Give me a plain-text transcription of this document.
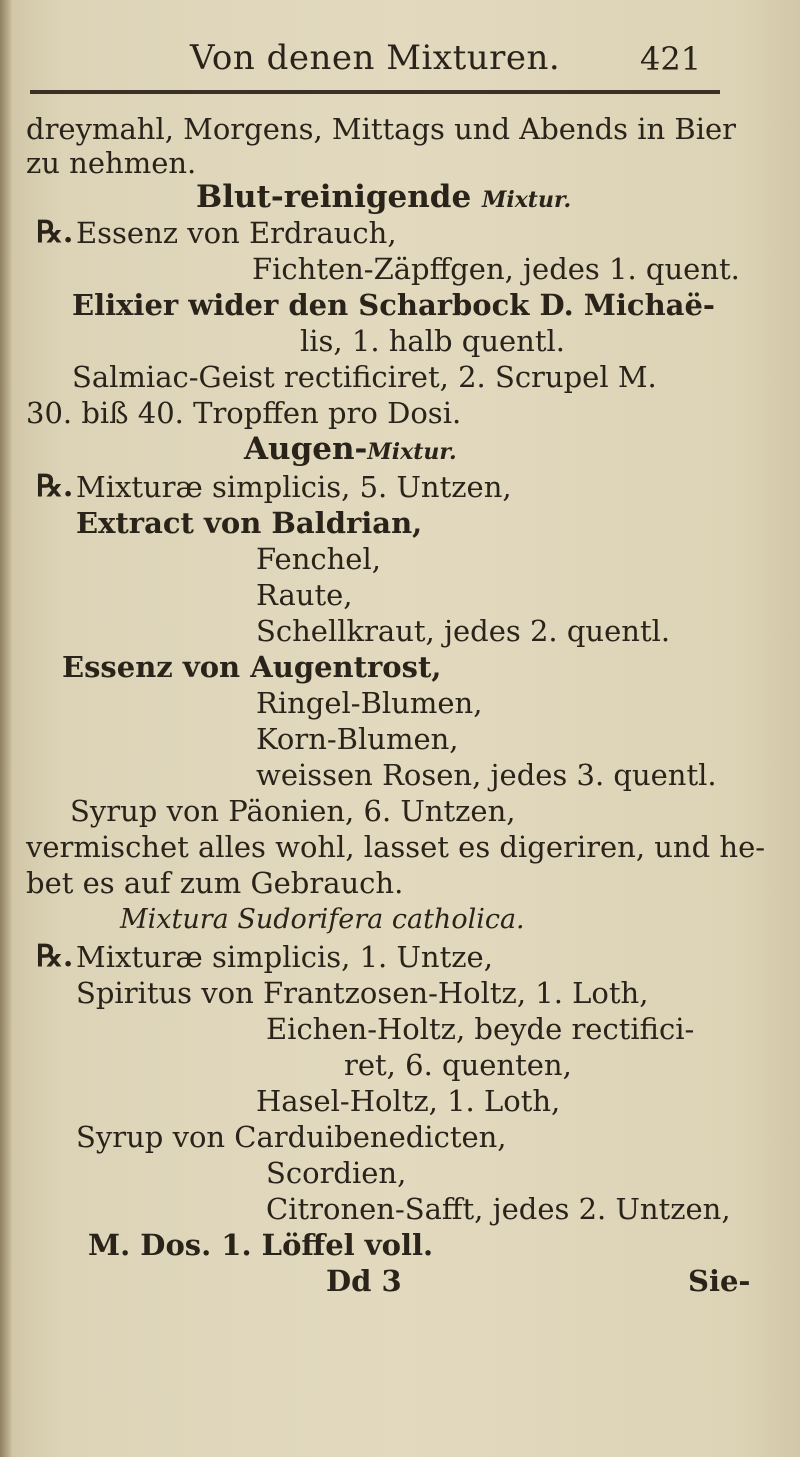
Von denen Mixturen. 421
dreymahl, Morgens, Mittags und Abends in Bier
zu nehmen.
Blut-reinigende Mixtur.
℞. Essenz von Erdrauch,
Fichten-Zäpffgen, jedes 1. quent.
Elixier wider den Scharbock D. Michaë-
lis, 1. halb quentl.
Salmiac-Geist rectificiret, 2. Scrupel M.
30. biß 40. Tropffen pro Dosi.
Augen-Mixtur.
℞. Mixturæ simplicis, 5. Untzen,
Extract von Baldrian,
Fenchel,
Raute,
Schellkraut, jedes 2. quentl.
Essenz von Augentrost,
Ringel-Blumen,
Korn-Blumen,
weissen Rosen, jedes 3. quentl.
Syrup von Päonien, 6. Untzen,
vermischet alles wohl, lasset es digeriren, und he-
bet es auf zum Gebrauch.
Mixtura Sudorifera catholica.
℞. Mixturæ simplicis, 1. Untze,
Spiritus von Frantzosen-Holtz, 1. Loth,
Eichen-Holtz, beyde rectifici-
ret, 6. quenten,
Hasel-Holtz, 1. Loth,
Syrup von Carduibenedicten,
Scordien,
Citronen-Safft, jedes 2. Untzen,
M. Dos. 1. Löffel voll.
Dd 3	Sie-
